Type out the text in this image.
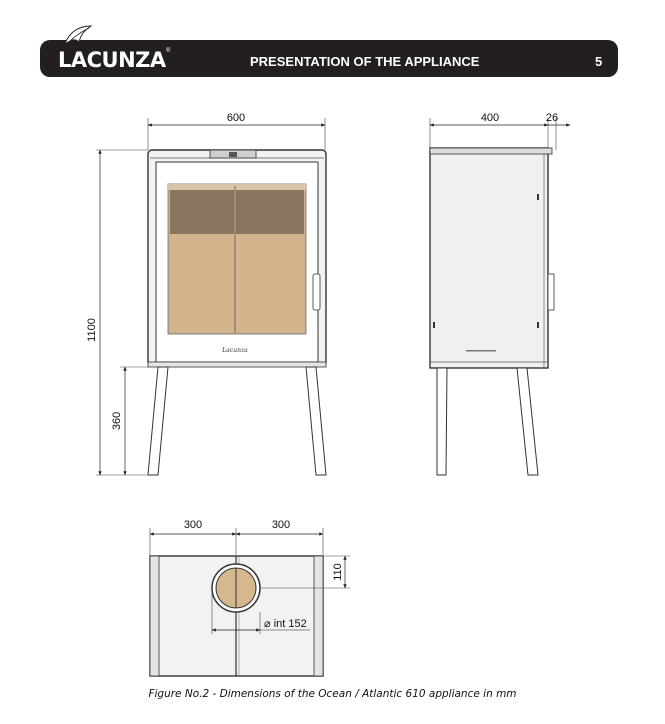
LACUNZA ®
PRESENTATION OF THE APPLIANCE	5
600
Lacunza
1100
360
400	26
300	300
110
⌀ int 152
Figure No.2 - Dimensions of the Ocean / Atlantic 610 appliance in mm
